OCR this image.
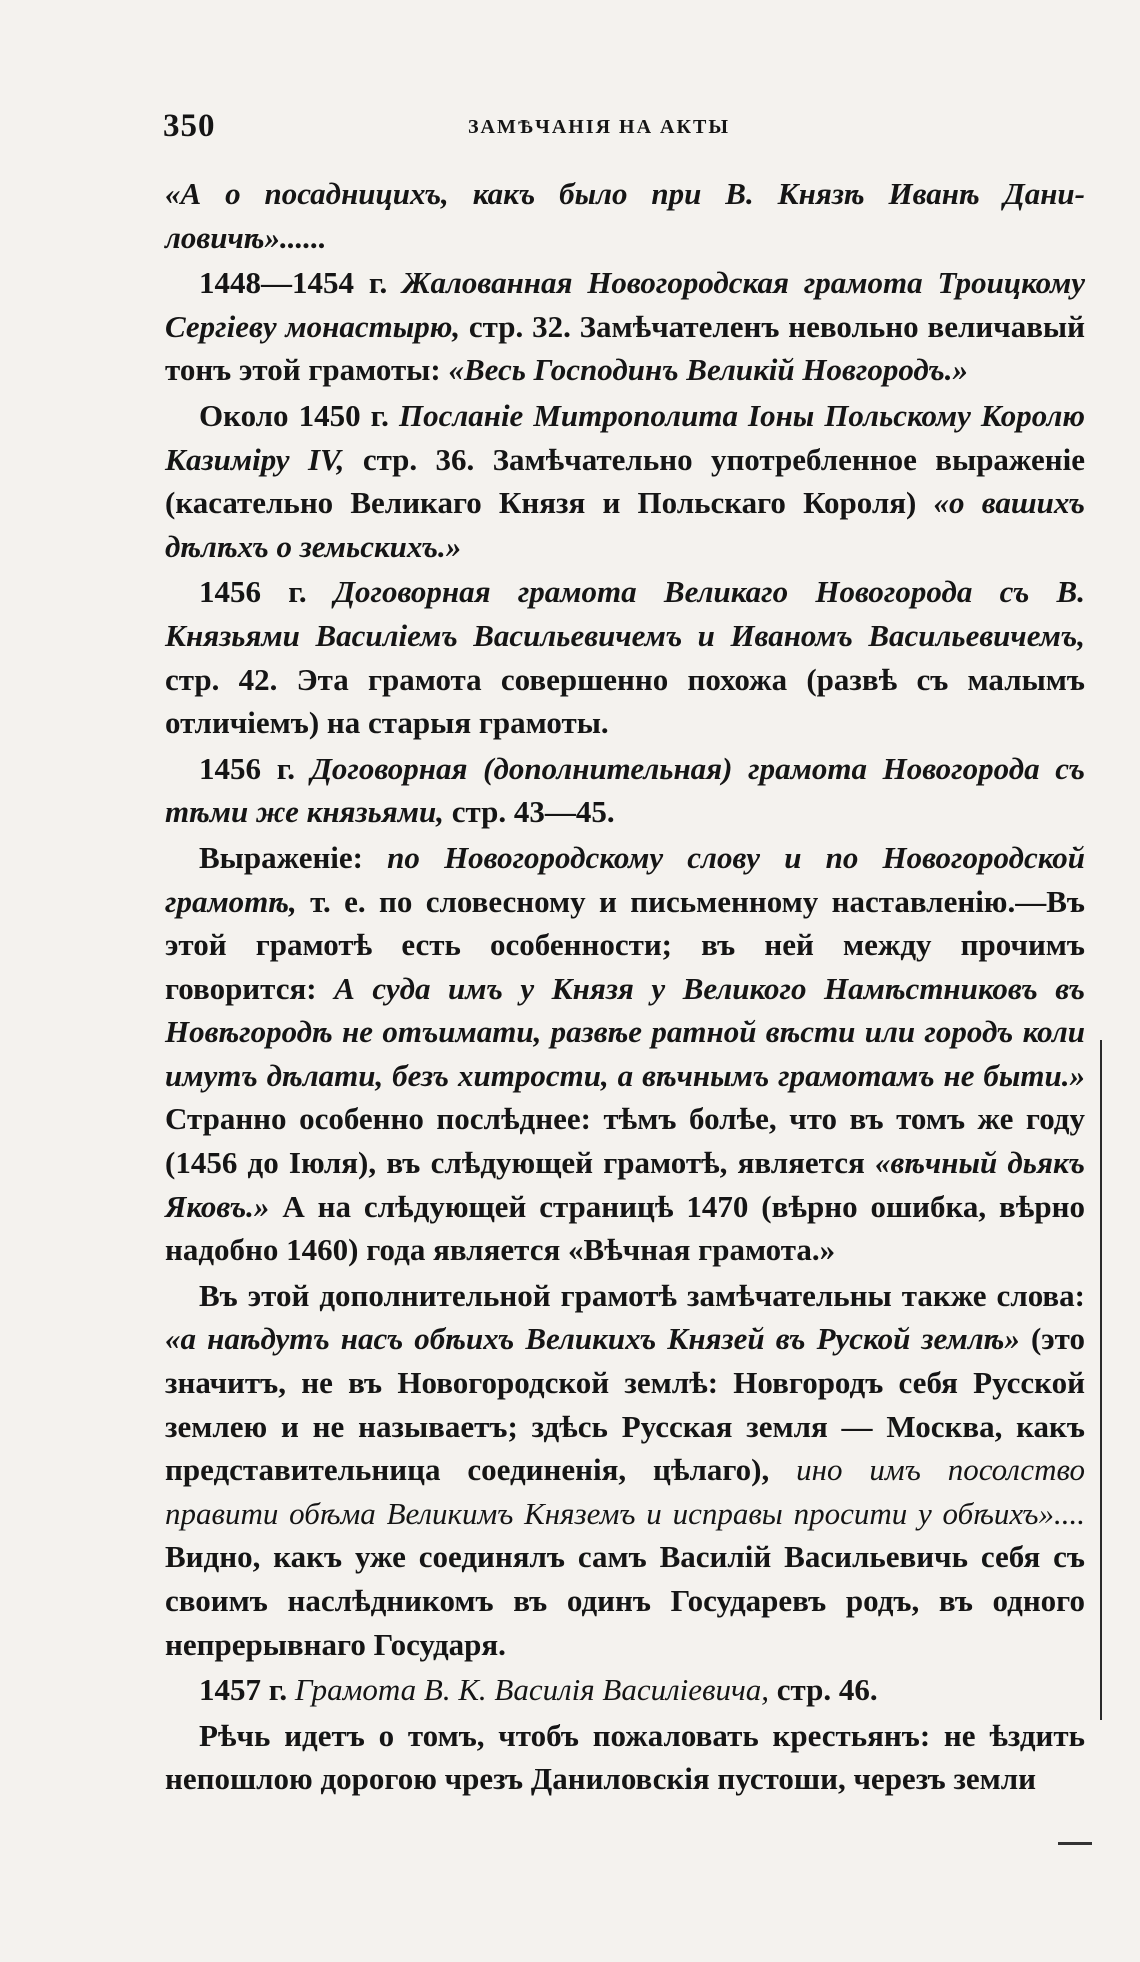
350	ЗАМѢЧАНІЯ НА АКТЫ

«А о посадницихъ, какъ было при В. Князѣ Иванѣ Дани-ловичѣ»......

1448—1454 г. Жалованная Новогородская грамота Троицкому Сергіеву монастырю, стр. 32. Замѣчателенъ невольно величавый тонъ этой грамоты: «Весь Господинъ Великій Новгородъ.»

Около 1450 г. Посланіе Митрополита Іоны Польскому Королю Казиміру IV, стр. 36. Замѣчательно употребленное выраженіе (касательно Великаго Князя и Польскаго Короля) «о вашихъ дѣлѣхъ о земьскихъ.»

1456 г. Договорная грамота Великаго Новогорода съ В. Князьями Василіемъ Васильевичемъ и Иваномъ Васильевичемъ, стр. 42. Эта грамота совершенно похожа (развѣ съ малымъ отличіемъ) на старыя грамоты.

1456 г. Договорная (дополнительная) грамота Новогорода съ тѣми же князьями, стр. 43—45.

Выраженіе: по Новогородскому слову и по Новогородской грамотѣ, т. е. по словесному и письменному наставленію.—Въ этой грамотѣ есть особенности; въ ней между прочимъ говорится: А суда имъ у Князя у Великого Намѣстниковъ въ Новѣгородѣ не отъимати, развѣе ратной вѣсти или городъ коли имутъ дѣлати, безъ хитрости, а вѣчнымъ грамотамъ не быти.» Странно особенно послѣднее: тѣмъ болѣе, что въ томъ же году (1456 до Іюля), въ слѣдующей грамотѣ, является «вѣчный дьякъ Яковъ.» А на слѣдующей страницѣ 1470 (вѣрно ошибка, вѣрно надобно 1460) года является «Вѣчная грамота.»

Въ этой дополнительной грамотѣ замѣчательны также слова: «а наѣдутъ насъ обѣихъ Великихъ Князей въ Руской землѣ» (это значитъ, не въ Новогородской землѣ: Новгородъ себя Русской землею и не называетъ; здѣсь Русская земля — Москва, какъ представительница соединенія, цѣлаго), ино имъ посолство правити обѣма Великимъ Княземъ и исправы просити у обѣихъ».... Видно, какъ уже соединялъ самъ Василій Васильевичь себя съ своимъ наслѣдникомъ въ одинъ Государевъ родъ, въ одного непрерывнаго Государя.

1457 г. Грамота В. К. Василія Василіевича, стр. 46.

Рѣчь идетъ о томъ, чтобъ пожаловать крестьянъ: не ѣздить непошлою дорогою чрезъ Даниловскія пустоши, черезъ земли
